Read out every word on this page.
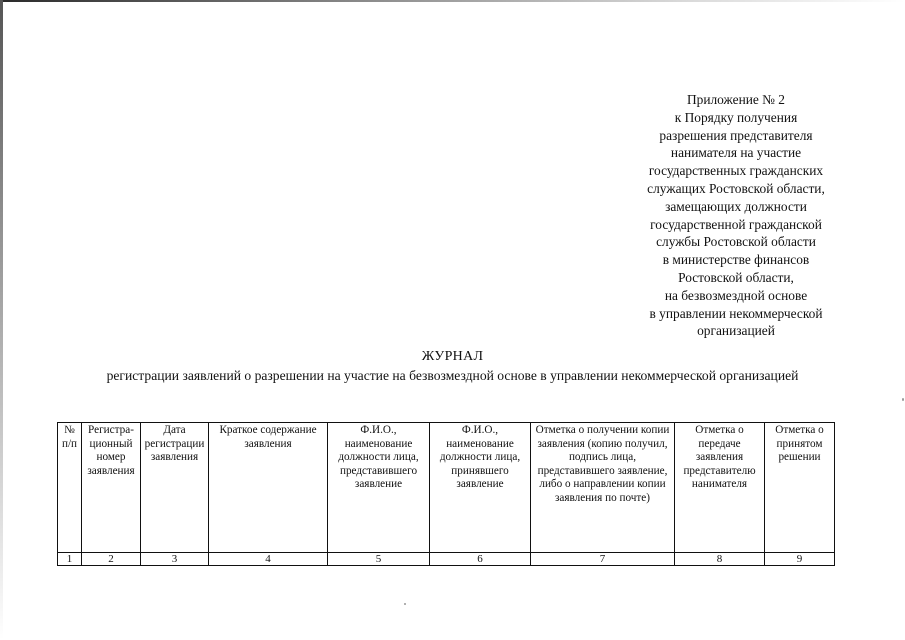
Приложение № 2
к Порядку получения
разрешения представителя
нанимателя на участие
государственных гражданских
служащих Ростовской области,
замещающих должности
государственной гражданской
службы Ростовской области
в министерстве финансов
Ростовской области,
на безвозмездной основе
в управлении некоммерческой
организацией
ЖУРНАЛ
регистрации заявлений о разрешении на участие на безвозмездной основе в управлении некоммерческой организацией
№ п/п	Регистра-ционный номер заявления	Дата регистрации заявления	Краткое содержание заявления	Ф.И.О., наименование должности лица, представившего заявление	Ф.И.О., наименование должности лица, принявшего заявление	Отметка о получении копии заявления (копию получил, подпись лица, представившего заявление, либо о направлении копии заявления по почте)	Отметка о передаче заявления представителю нанимателя	Отметка о принятом решении
1	2	3	4	5	6	7	8	9
